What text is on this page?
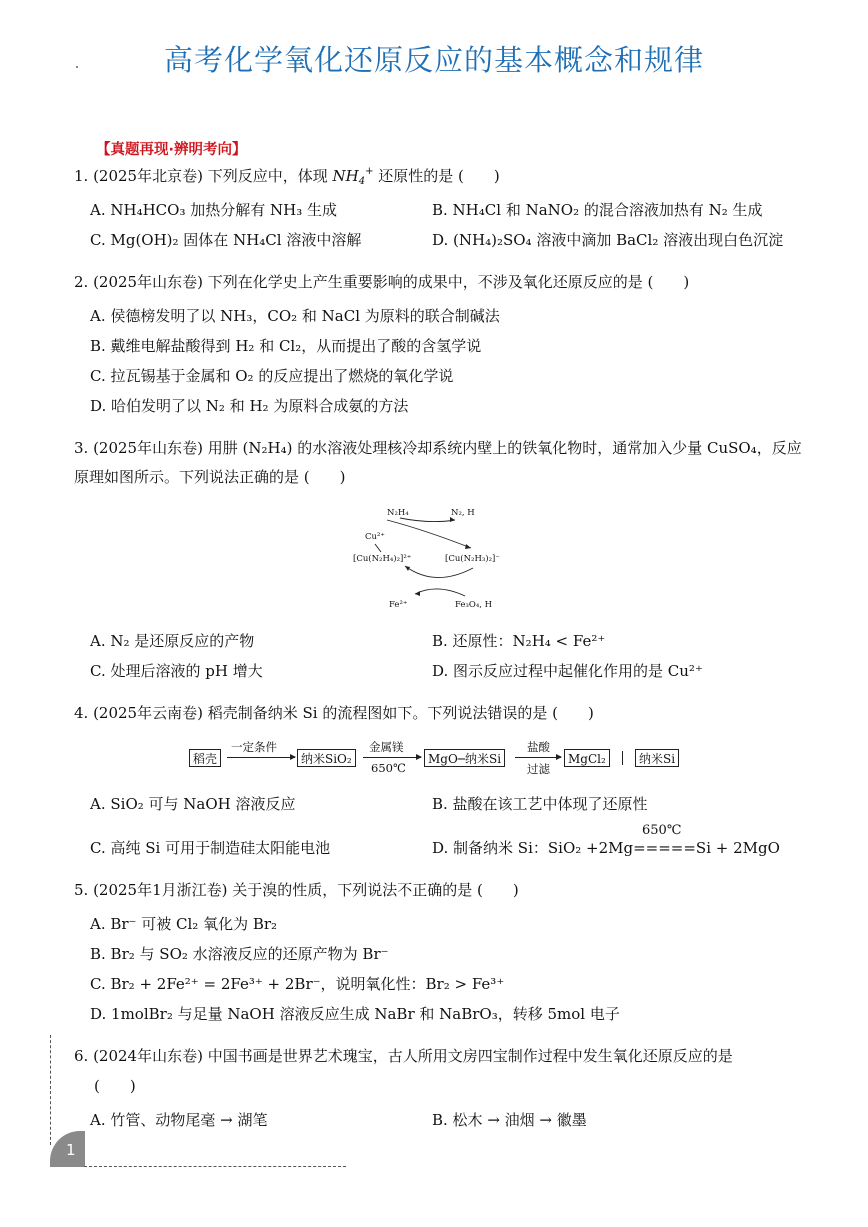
高考化学氧化还原反应的基本概念和规律
【真题再现·辨明考向】
1. (2025年北京卷) 下列反应中，体现 $NH_4^+$ 还原性的是 (　　)
A. NH₄HCO₃ 加热分解有 NH₃ 生成	B. NH₄Cl 和 NaNO₂ 的混合溶液加热有 N₂ 生成
C. Mg(OH)₂ 固体在 NH₄Cl 溶液中溶解	D. (NH₄)₂SO₄ 溶液中滴加 BaCl₂ 溶液出现白色沉淀
2. (2025年山东卷) 下列在化学史上产生重要影响的成果中，不涉及氧化还原反应的是 (　　)
A. 侯德榜发明了以 NH₃，CO₂ 和 NaCl 为原料的联合制碱法
B. 戴维电解盐酸得到 H₂ 和 Cl₂，从而提出了酸的含氢学说
C. 拉瓦锡基于金属和 O₂ 的反应提出了燃烧的氧化学说
D. 哈伯发明了以 N₂ 和 H₂ 为原料合成氨的方法
3. (2025年山东卷) 用肼 (N₂H₄) 的水溶液处理核冷却系统内壁上的铁氧化物时，通常加入少量 CuSO₄，反应原理如图所示。下列说法正确的是 (　　)
N₂H₄	N₂, H
Cu²⁺
[Cu(N₂H₄)₂]²⁺	[Cu(N₂H₃)₂]⁻
Fe²⁺	Fe₃O₄, H
A. N₂ 是还原反应的产物	B. 还原性：N₂H₄ < Fe²⁺
C. 处理后溶液的 pH 增大	D. 图示反应过程中起催化作用的是 Cu²⁺
4. (2025年云南卷) 稻壳制备纳米 Si 的流程图如下。下列说法错误的是 (　　)
稻壳
一定条件
纳米SiO₂
金属镁
650℃
MgO─纳米Si
盐酸
过滤
MgCl₂	纳米Si
A. SiO₂ 可与 NaOH 溶液反应	B. 盐酸在该工艺中体现了还原性
650℃
C. 高纯 Si 可用于制造硅太阳能电池	D. 制备纳米 Si：SiO₂ +2Mg=====Si + 2MgO
5. (2025年1月浙江卷) 关于溴的性质，下列说法不正确的是 (　　)
A. Br⁻ 可被 Cl₂ 氧化为 Br₂
B. Br₂ 与 SO₂ 水溶液反应的还原产物为 Br⁻
C. Br₂ + 2Fe²⁺ = 2Fe³⁺ + 2Br⁻，说明氧化性：Br₂ > Fe³⁺
D. 1molBr₂ 与足量 NaOH 溶液反应生成 NaBr 和 NaBrO₃，转移 5mol 电子
6. (2024年山东卷) 中国书画是世界艺术瑰宝，古人所用文房四宝制作过程中发生氧化还原反应的是
(　　)
A. 竹管、动物尾毫 → 湖笔	B. 松木 → 油烟 → 徽墨
1
